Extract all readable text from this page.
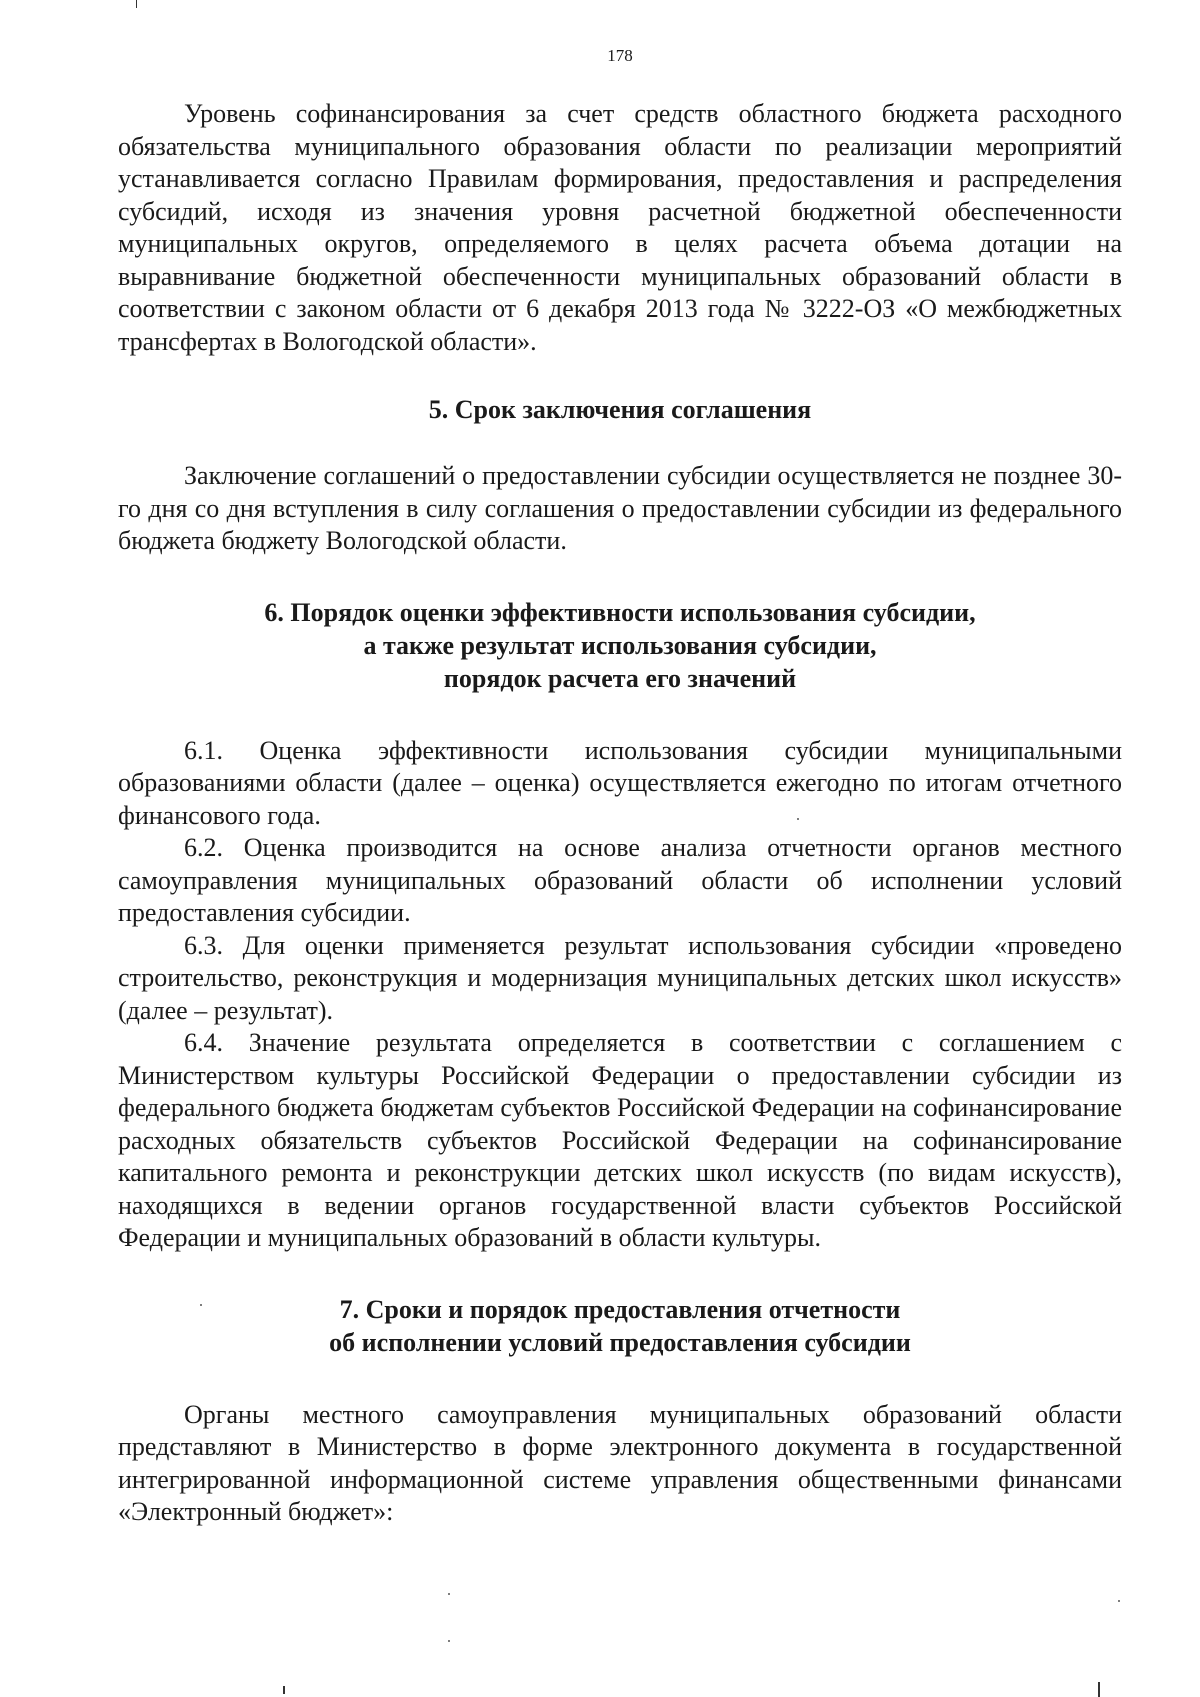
178

Уровень софинансирования за счет средств областного бюджета расходного обязательства муниципального образования области по реализации мероприятий устанавливается согласно Правилам формирования, предоставления и распределения субсидий, исходя из значения уровня расчетной бюджетной обеспеченности муниципальных округов, определяемого в целях расчета объема дотации на выравнивание бюджетной обеспеченности муниципальных образований области в соответствии с законом области от 6 декабря 2013 года № 3222-ОЗ «О межбюджетных трансфертах в Вологодской области».

5. Срок заключения соглашения

Заключение соглашений о предоставлении субсидии осуществляется не позднее 30-го дня со дня вступления в силу соглашения о предоставлении субсидии из федерального бюджета бюджету Вологодской области.

6. Порядок оценки эффективности использования субсидии,
а также результат использования субсидии,
порядок расчета его значений

6.1. Оценка эффективности использования субсидии муниципальными образованиями области (далее – оценка) осуществляется ежегодно по итогам отчетного финансового года.

6.2. Оценка производится на основе анализа отчетности органов местного самоуправления муниципальных образований области об исполнении условий предоставления субсидии.

6.3. Для оценки применяется результат использования субсидии «проведено строительство, реконструкция и модернизация муниципальных детских школ искусств» (далее – результат).

6.4. Значение результата определяется в соответствии с соглашением с Министерством культуры Российской Федерации о предоставлении субсидии из федерального бюджета бюджетам субъектов Российской Федерации на софинансирование расходных обязательств субъектов Российской Федерации на софинансирование капитального ремонта и реконструкции детских школ искусств (по видам искусств), находящихся в ведении органов государственной власти субъектов Российской Федерации и муниципальных образований в области культуры.

7. Сроки и порядок предоставления отчетности
об исполнении условий предоставления субсидии

Органы местного самоуправления муниципальных образований области представляют в Министерство в форме электронного документа в государственной интегрированной информационной системе управления общественными финансами «Электронный бюджет»:
